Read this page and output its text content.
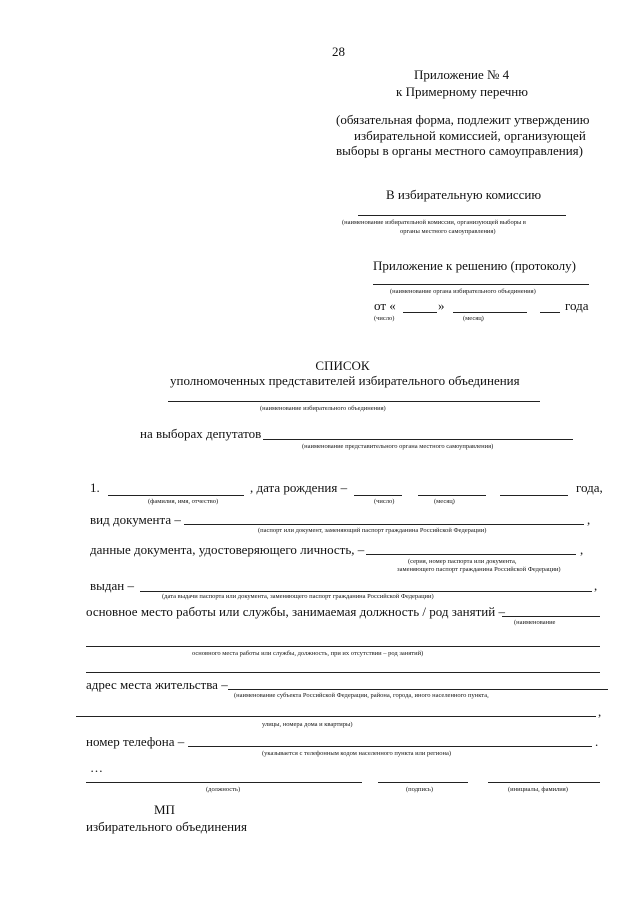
28
Приложение № 4
к Примерному перечню
(обязательная форма, подлежит утверждению
избирательной комиссией, организующей
выборы в органы местного самоуправления)
В избирательную комиссию
(наименование избирательной комиссии, организующей выборы в
органы местного самоуправления)
Приложение к решению (протоколу)
(наименование органа избирательного объединения)
от «	»	года
(число)	(месяц)
СПИСОК
уполномоченных представителей избирательного объединения
(наименование избирательного объединения)
на выборах депутатов
(наименование представительного органа местного самоуправления)
1.	, дата рождения –	года,
(фамилия, имя, отчество)	(число)	(месяц)
вид документа –	,
(паспорт или документ, заменяющий паспорт гражданина Российской Федерации)
данные документа, удостоверяющего личность, –	,
(серия, номер паспорта или документа,
заменяющего паспорт гражданина Российской Федерации)
выдан –	,
(дата выдачи паспорта или документа, заменяющего паспорт гражданина Российской Федерации)
основное место работы или службы, занимаемая должность / род занятий –
(наименование
основного места работы или службы, должность, при их отсутствии – род занятий)
адрес места жительства –
(наименование субъекта Российской Федерации, района, города, иного населенного пункта,
,
улицы, номера дома и квартиры)
номер телефона –	.
(указывается с телефонным кодом населенного пункта или региона)
…
(должность)	(подпись)	(инициалы, фамилия)
МП
избирательного объединения
